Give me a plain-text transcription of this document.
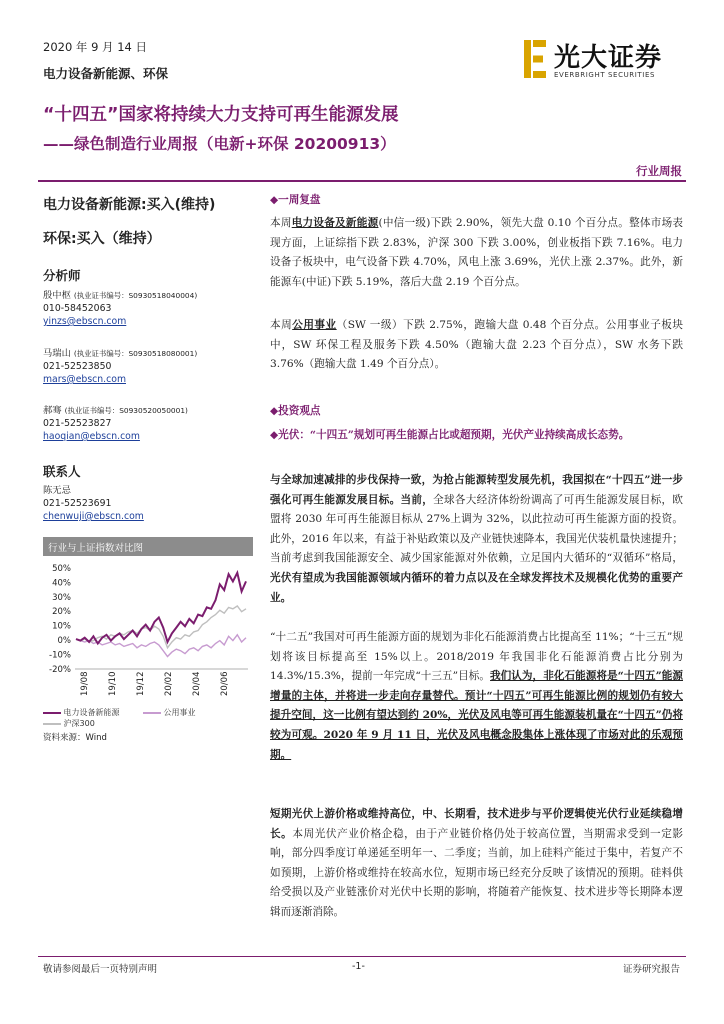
2020 年 9 月 14 日
电力设备新能源、环保
光大证券
EVERBRIGHT SECURITIES
“十四五”国家将持续大力支持可再生能源发展
——绿色制造行业周报（电新+环保 20200913）
行业周报
电力设备新能源:买入(维持)
环保:买入（维持）
分析师
殷中枢 (执业证书编号：S0930518040004)
010-58452063
yinzs@ebscn.com
马瑞山 (执业证书编号：S0930518080001)
021-52523850
mars@ebscn.com
郝骞 (执业证书编号：S0930520050001)
021-52523827
haoqian@ebscn.com
联系人
陈无忌
021-52523691
chenwuji@ebscn.com
行业与上证指数对比图
50%
40%
30%
20%
10%
0%
-10%
-20%
19/08 19/10 19/12 20/02 20/04 20/06
电力设备新能源	公用事业
沪深300
资料来源：Wind
◆一周复盘
本周电力设备及新能源(中信一级)下跌 2.90%，领先大盘 0.10 个百分点。整体市场表现方面，上证综指下跌 2.83%，沪深 300 下跌 3.00%，创业板指下跌 7.16%。电力设备子板块中，电气设备下跌 4.70%，风电上涨 3.69%，光伏上涨 2.37%。此外，新能源车(中证)下跌 5.19%，落后大盘 2.19 个百分点。
本周公用事业（SW 一级）下跌 2.75%，跑输大盘 0.48 个百分点。公用事业子板块中，SW 环保工程及服务下跌 4.50%（跑输大盘 2.23 个百分点），SW 水务下跌 3.76%（跑输大盘 1.49 个百分点）。
◆投资观点
◆光伏：“十四五”规划可再生能源占比或超预期，光伏产业持续高成长态势。
与全球加速减排的步伐保持一致，为抢占能源转型发展先机，我国拟在“十四五”进一步强化可再生能源发展目标。当前，全球各大经济体纷纷调高了可再生能源发展目标，欧盟将 2030 年可再生能源目标从 27%上调为 32%，以此拉动可再生能源方面的投资。此外，2016 年以来，有益于补贴政策以及产业链快速降本，我国光伏装机量快速提升；当前考虑到我国能源安全、减少国家能源对外依赖，立足国内大循环的“双循环”格局，光伏有望成为我国能源领域内循环的着力点以及在全球发挥技术及规模化优势的重要产业。
“十二五”我国对可再生能源方面的规划为非化石能源消费占比提高至 11%；“十三五”规划将该目标提高至 15%以上。2018/2019 年我国非化石能源消费占比分别为 14.3%/15.3%，提前一年完成“十三五”目标。我们认为，非化石能源将是“十四五”能源增量的主体，并将进一步走向存量替代。预计“十四五”可再生能源比例的规划仍有较大提升空间，这一比例有望达到约 20%，光伏及风电等可再生能源装机量在“十四五”仍将较为可观。2020 年 9 月 11 日，光伏及风电概念股集体上涨体现了市场对此的乐观预期。
短期光伏上游价格或维持高位，中、长期看，技术进步与平价逻辑使光伏行业延续稳增长。本周光伏产业价格企稳，由于产业链价格仍处于较高位置，当期需求受到一定影响，部分四季度订单递延至明年一、二季度；当前，加上硅料产能过于集中，若复产不如预期，上游价格或维持在较高水位，短期市场已经充分反映了该情况的预期。硅料供给受损以及产业链涨价对光伏中长期的影响，将随着产能恢复、技术进步等长期降本逻辑而逐渐消除。
敬请参阅最后一页特别声明	-1-	证券研究报告
